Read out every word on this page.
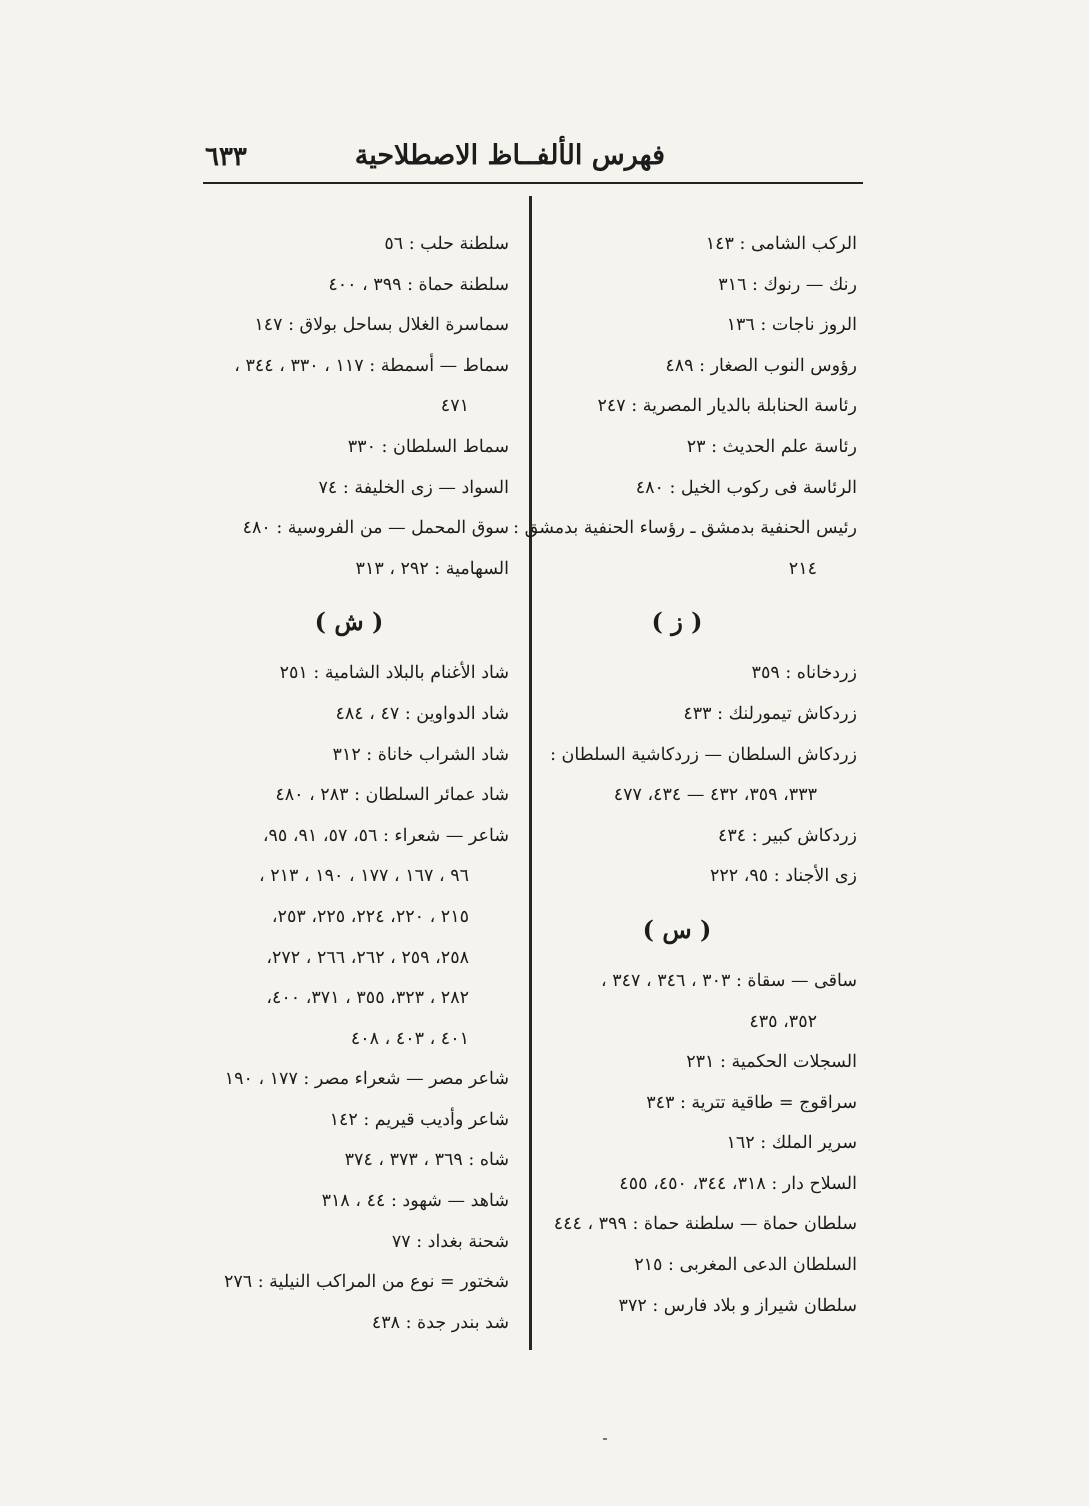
فهرس الألفــاظ الاصطلاحية
٦٣٣
الركب الشامى : ١٤٣
رنك — رنوك : ٣١٦
الروز ناجات : ١٣٦
رؤوس النوب الصغار : ٤٨٩
رئاسة الحنابلة بالديار المصرية : ٢٤٧
رئاسة علم الحديث : ٢٣
الرئاسة فى ركوب الخيل : ٤٨٠
رئيس الحنفية بدمشق ـ رؤساء الحنفية بدمشق :
٢١٤
( ز )
زردخاناه : ٣٥٩
زردكاش تيمورلنك : ٤٣٣
زردكاش السلطان — زردكاشية السلطان :
٣٣٣، ٣٥٩، ٤٣٢ — ٤٣٤، ٤٧٧
زردكاش كبير : ٤٣٤
زى الأجناد : ٩٥، ٢٢٢
( س )
ساقى — سقاة : ٣٠٣ ، ٣٤٦ ، ٣٤٧ ،
٣٥٢، ٤٣٥
السجلات الحكمية : ٢٣١
سراقوج = طاقية تترية : ٣٤٣
سرير الملك : ١٦٢
السلاح دار : ٣١٨، ٣٤٤، ٤٥٠، ٤٥٥
سلطان حماة — سلطنة حماة : ٣٩٩ ، ٤٤٤
السلطان الدعى المغربى : ٢١٥
سلطان شيراز و بلاد فارس : ٣٧٢
سلطنة حلب : ٥٦
سلطنة حماة : ٣٩٩ ، ٤٠٠
سماسرة الغلال بساحل بولاق : ١٤٧
سماط — أسمطة : ١١٧ ، ٣٣٠ ، ٣٤٤ ،
٤٧١
سماط السلطان : ٣٣٠
السواد — زى الخليفة : ٧٤
سوق المحمل — من الفروسية : ٤٨٠
السهامية : ٢٩٢ ، ٣١٣
( ش )
شاد الأغنام بالبلاد الشامية : ٢٥١
شاد الدواوين : ٤٧ ، ٤٨٤
شاد الشراب خاناة : ٣١٢
شاد عمائر السلطان : ٢٨٣ ، ٤٨٠
شاعر — شعراء : ٥٦، ٥٧، ٩١، ٩٥،
٩٦ ، ١٦٧ ، ١٧٧ ، ١٩٠ ، ٢١٣ ،
٢١٥ ، ٢٢٠، ٢٢٤، ٢٢٥، ٢٥٣،
٢٥٨، ٢٥٩ ، ٢٦٢، ٢٦٦ ، ٢٧٢،
٢٨٢ ، ٣٢٣، ٣٥٥ ، ٣٧١، ٤٠٠،
٤٠١ ، ٤٠٣ ، ٤٠٨
شاعر مصر — شعراء مصر : ١٧٧ ، ١٩٠
شاعر وأديب قيريم : ١٤٢
شاه : ٣٦٩ ، ٣٧٣ ، ٣٧٤
شاهد — شهود : ٤٤ ، ٣١٨
شحنة بغداد : ٧٧
شختور = نوع من المراكب النيلية : ٢٧٦
شد بندر جدة : ٤٣٨
